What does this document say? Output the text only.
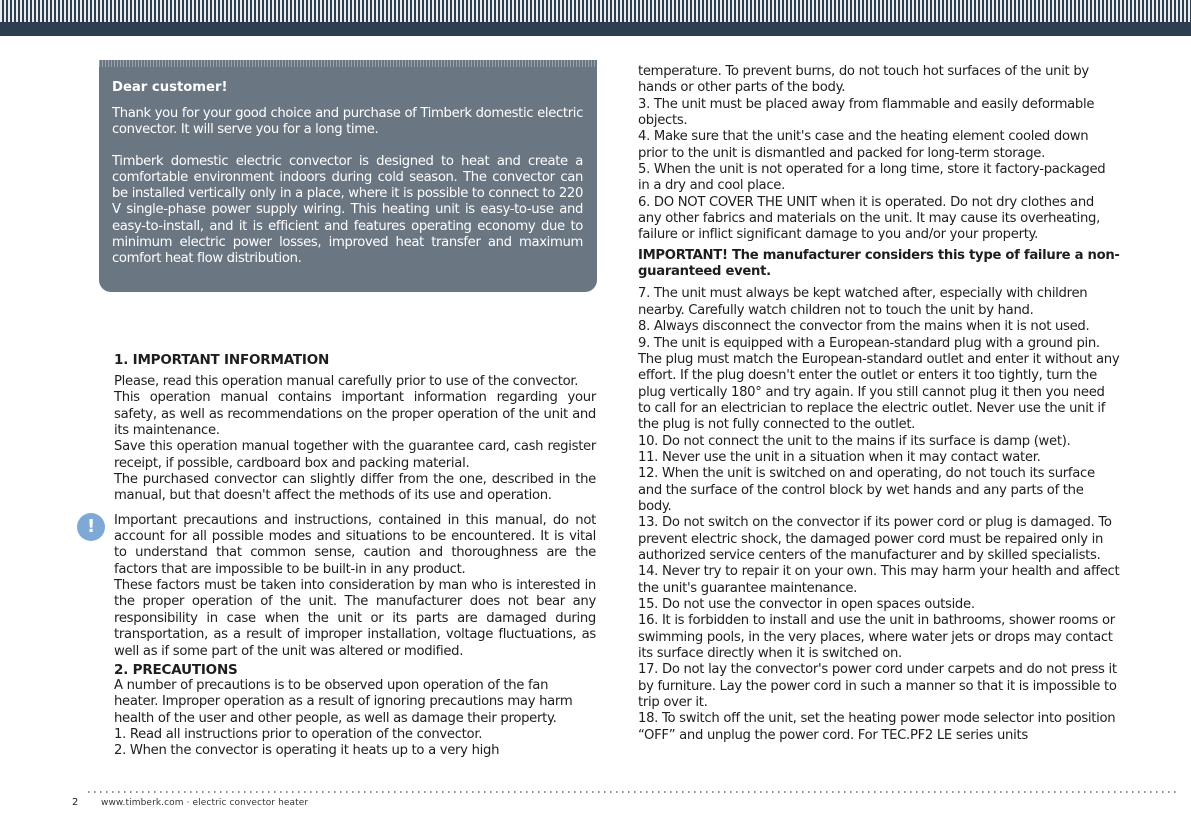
Dear customer!

Thank you for your good choice and purchase of Timberk domestic electric convector. It will serve you for a long time.

Timberk domestic electric convector is designed to heat and create a comfortable environment indoors during cold season. The convector can be installed vertically only in a place, where it is possible to connect to 220 V single-phase power supply wiring. This heating unit is easy-to-use and easy-to-install, and it is efficient and features operating economy due to minimum electric power losses, improved heat transfer and maximum comfort heat flow distribution.

1. IMPORTANT INFORMATION

Please, read this operation manual carefully prior to use of the convector.

This operation manual contains important information regarding your safety, as well as recommendations on the proper operation of the unit and its maintenance.

Save this operation manual together with the guarantee card, cash register receipt, if possible, cardboard box and packing material.

The purchased convector can slightly differ from the one, described in the manual, but that doesn't affect the methods of its use and operation.

!	Important precautions and instructions, contained in this manual, do not account for all possible modes and situations to be encountered. It is vital to understand that common sense, caution and thoroughness are the factors that are impossible to be built-in in any product.

These factors must be taken into consideration by man who is interested in the proper operation of the unit. The manufacturer does not bear any responsibility in case when the unit or its parts are damaged during transportation, as a result of improper installation, voltage fluctuations, as well as if some part of the unit was altered or modified.

2. PRECAUTIONS

A number of precautions is to be observed upon operation of the fan heater. Improper operation as a result of ignoring precautions may harm health of the user and other people, as well as damage their property.

1. Read all instructions prior to operation of the convector.

2. When the convector is operating it heats up to a very high

temperature. To prevent burns, do not touch hot surfaces of the unit by hands or other parts of the body.

3. The unit must be placed away from flammable and easily deformable objects.

4. Make sure that the unit's case and the heating element cooled down prior to the unit is dismantled and packed for long-term storage.

5. When the unit is not operated for a long time, store it factory-packaged in a dry and cool place.

6. DO NOT COVER THE UNIT when it is operated. Do not dry clothes and any other fabrics and materials on the unit. It may cause its overheating, failure or inflict significant damage to you and/or your property.

IMPORTANT! The manufacturer considers this type of failure a non-guaranteed event.

7. The unit must always be kept watched after, especially with children nearby. Carefully watch children not to touch the unit by hand.

8. Always disconnect the convector from the mains when it is not used.

9. The unit is equipped with a European-standard plug with a ground pin. The plug must match the European-standard outlet and enter it without any effort. If the plug doesn't enter the outlet or enters it too tightly, turn the plug vertically 180° and try again. If you still cannot plug it then you need to call for an electrician to replace the electric outlet. Never use the unit if the plug is not fully connected to the outlet.

10. Do not connect the unit to the mains if its surface is damp (wet).

11. Never use the unit in a situation when it may contact water.

12. When the unit is switched on and operating, do not touch its surface and the surface of the control block by wet hands and any parts of the body.

13. Do not switch on the convector if its power cord or plug is damaged. To prevent electric shock, the damaged power cord must be repaired only in authorized service centers of the manufacturer and by skilled specialists.

14. Never try to repair it on your own. This may harm your health and affect the unit's guarantee maintenance.

15. Do not use the convector in open spaces outside.

16. It is forbidden to install and use the unit in bathrooms, shower rooms or swimming pools, in the very places, where water jets or drops may contact its surface directly when it is switched on.

17. Do not lay the convector's power cord under carpets and do not press it by furniture. Lay the power cord in such a manner so that it is impossible to trip over it.

18. To switch off the unit, set the heating power mode selector into position “OFF” and unplug the power cord. For TEC.PF2 LE series units

2	www.timberk.com · electric convector heater
